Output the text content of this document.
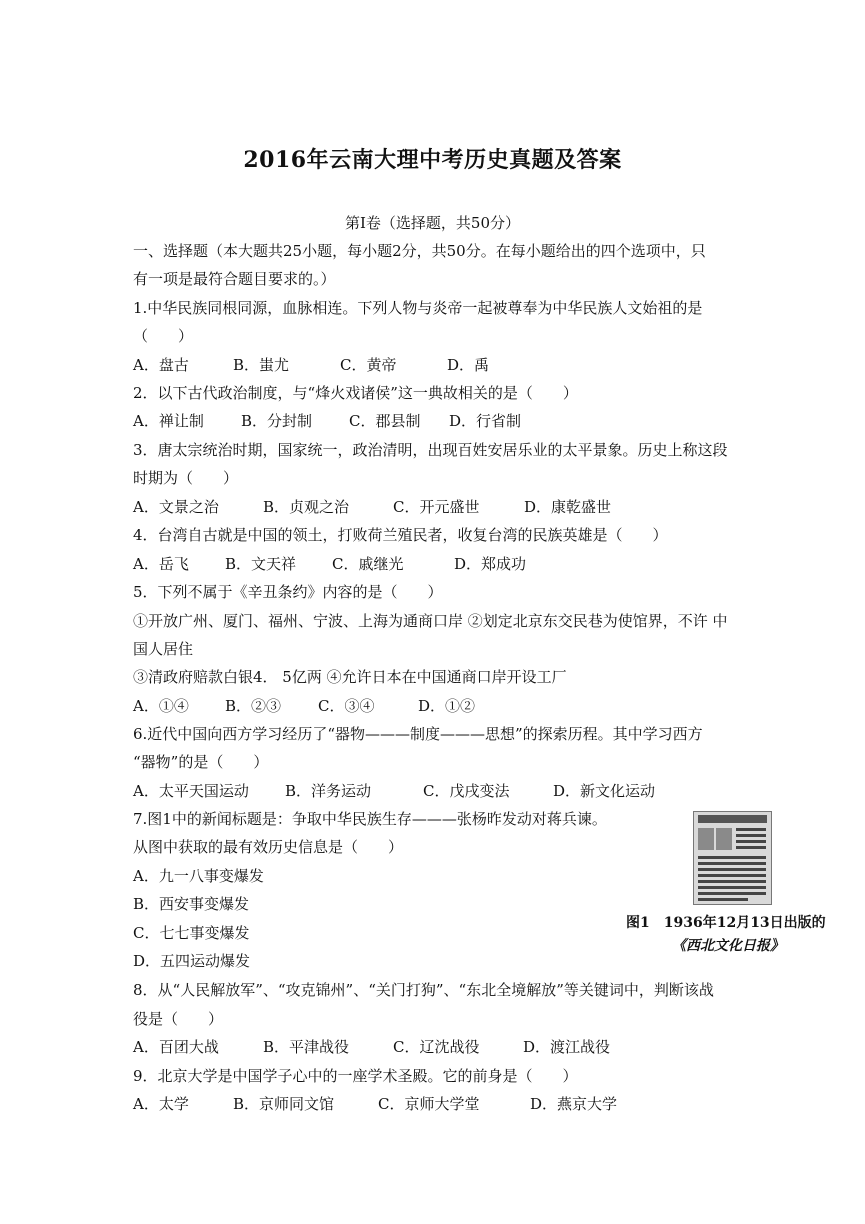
2016年云南大理中考历史真题及答案
第Ⅰ卷（选择题，共50分）
一、选择题（本大题共25小题，每小题2分，共50分。在每小题给出的四个选项中，只
有一项是最符合题目要求的。）
1.中华民族同根同源，血脉相连。下列人物与炎帝一起被尊奉为中华民族人文始祖的是
（　　）
A．盘古	B．蚩尤	C．黄帝	D．禹
2．以下古代政治制度，与“烽火戏诸侯”这一典故相关的是（　　）
A．禅让制 B．分封制 C．郡县制 D．行省制
3．唐太宗统治时期，国家统一，政治清明，出现百姓安居乐业的太平景象。历史上称这段
时期为（　　）
A．文景之治	B．贞观之治	C．开元盛世	D．康乾盛世
4．台湾自古就是中国的领土，打败荷兰殖民者，收复台湾的民族英雄是（　　）
A．岳飞 B．文天祥 C．戚继光	D．郑成功
5．下列不属于《辛丑条约》内容的是（　　）
①开放广州、厦门、福州、宁波、上海为通商口岸 ②划定北京东交民巷为使馆界，不许 中
国人居住
③清政府赔款白银4． 5亿两 ④允许日本在中国通商口岸开设工厂
A．①④ B．②③ C．③④	D．①②
6.近代中国向西方学习经历了“器物———制度———思想”的探索历程。其中学习西方
“器物”的是（　　）
A．太平天国运动 B．洋务运动	C．戊戌变法	D．新文化运动
7.图1中的新闻标题是：争取中华民族生存———张杨昨发动对蒋兵谏。
从图中获取的最有效历史信息是（　　）
A．九一八事变爆发
B．西安事变爆发
C．七七事变爆发
D．五四运动爆发
图1　1936年12月13日出版的
《西北文化日报》
8．从“人民解放军”、“攻克锦州”、“关门打狗”、“东北全境解放”等关键词中，判断该战
役是（　　）
A．百团大战	B．平津战役	C．辽沈战役	D．渡江战役
9．北京大学是中国学子心中的一座学术圣殿。它的前身是（　　）
A．太学	B．京师同文馆	C．京师大学堂	D．燕京大学
